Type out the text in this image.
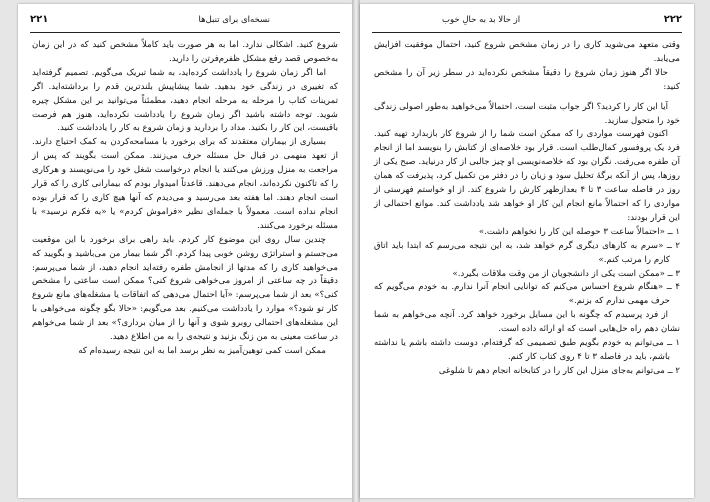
۲۲۱	نسخه‌ای برای تنبل‌ها

شروع کنید. اشکالی ندارد. اما به هر صورت باید کاملاً مشخص کنید که در این زمان به‌خصوص قصد رفع مشکل ظفرم‌فرتن را دارید.

اما اگر زمان شروع را یادداشت کرده‌اید، به شما تبریک می‌گویم. تصمیم گرفته‌اید که تغییری در زندگی خود بدهید. شما پیشاپیش بلندترین قدم را برداشته‌اید. اگر تمرینات کتاب را مرحله به مرحله انجام دهید، مطمئناً می‌توانید بر این مشکل چیره شوید. توجه داشته باشید اگر زمان شروع را یادداشت نکرده‌اید، هنوز هم فرصت باقیست، این کار را بکنید. مداد را بردارید و زمان شروع به کار را یادداشت کنید.

بسیاری از بیماران معتقدند که برای برخورد با مسامحه‌کردن به کمک احتیاج دارند. از تعهد منهمی در قبال حل مسئله حرف می‌زنند. ممکن است بگویند که پس از مراجعت به منزل ورزش می‌کنند یا انجام درخواست شغل خود را می‌نویسند و هرکاری را که تاکنون نکرده‌اند، انجام می‌دهند. قاعدتاً امیدوار بودم که بیمارانی کاری را که قرار است انجام دهند. اما هفته بعد می‌رسید و می‌دیدم که آنها هیچ کاری را که قرار بوده انجام نداده است. معمولاً با جمله‌ای نظیر «فراموش کردم» یا «به فکرم نرسید» با مسئله برخورد می‌کنند.

چندین سال روی این موضوع کار کردم. باید راهی برای برخورد با این موقعیت می‌جستم و استراتژی روشن خوبی پیدا کردم. اگر شما بیمار من می‌باشید و بگویید که می‌خواهید کاری را که مدتها از انجامش طفره رفته‌اید انجام دهید، از شما می‌پرسم: دقیقاً در چه ساعتی از امروز می‌خواهی شروع کنی؟ ممکن است ساعتی را مشخص کنی؟» بعد از شما می‌پرسم: «آیا احتمال می‌دهی که اتفاقات یا مشغله‌های مانع شروع کار تو شود؟» موارد را یادداشت می‌کنیم. بعد می‌گویم: «حالا بگو چگونه می‌خواهی با این مشغله‌های احتمالی روبرو شوی و آنها را از میان برداری؟» بعد از شما می‌خواهم در ساعت معینی به من زنگ بزنید و نتیجه‌ی را به من اطلاع دهید.

ممکن است کمی توهین‌آمیز به نظر برسد اما به این نتیجه رسیده‌ام که

۲۲۲
از حالا بد به حالِ خوب

وقتی متعهد می‌شوید کاری را در زمان مشخص شروع کنید، احتمال موفقیت افزایش می‌یابد.

حالا اگر هنوز زمان شروع را دقیقاً مشخص نکرده‌اید در سطر زیر آن را مشخص کنید:

آیا این کار را کردید؟ اگر جواب مثبت است، احتمالاً می‌خواهید به‌طور اصولی زندگی خود را متحول سازید.

اکنون فهرست مواردی را که ممکن است شما را از شروع کار بازبدارد تهیه کنید. فرد یک پروفسور کمال‌طلب است. قرار بود خلاصه‌ای از کتابش را بنویسد اما از انجام آن طفره می‌رفت. نگران بود که خلاصه‌نویسی او چیز جالبی از کار درنیاید. صبح یکی از روزها، پس از آنکه برگهٔ تحلیل سود و زیان را در دفتر من تکمیل کرد، پذیرفت که همان روز در فاصله ساعت ۳ تا ۴ بعدازظهر کارش را شروع کند. از او خواستم فهرستی از مواردی را که احتمالاً مانع انجام این کار او خواهد شد یادداشت کند. موانع احتمالی از این قرار بودند:

۱ ــ «احتمالاً ساعت ۳ حوصله این کار را نخواهم داشت.»

۲ ــ «سرم به کارهای دیگری گرم خواهد شد، به این نتیجه می‌رسم که ابتدا باید اتاق کارم را مرتب کنم.»

۳ ــ «ممکن است یکی از دانشجویان از من وقت ملاقات بگیرد.»

۴ ــ «هنگام شروع احساس می‌کنم که توانایی انجام آنرا ندارم. به خودم می‌گویم که حرف مهمی ندارم که بزنم.»

از فرد پرسیدم که چگونه با این مسایل برخورد خواهد کرد. آنچه می‌خواهم به شما نشان دهم راه حل‌هایی است که او ارائه داده است.

۱ ــ می‌توانم به خودم بگویم طبق تصمیمی که گرفته‌ام، دوست داشته باشم یا نداشته باشم، باید در فاصله ۳ تا ۴ روی کتاب کار کنم.

۲ ــ می‌توانم به‌جای منزل این کار را در کتابخانه انجام دهم تا شلوغی
